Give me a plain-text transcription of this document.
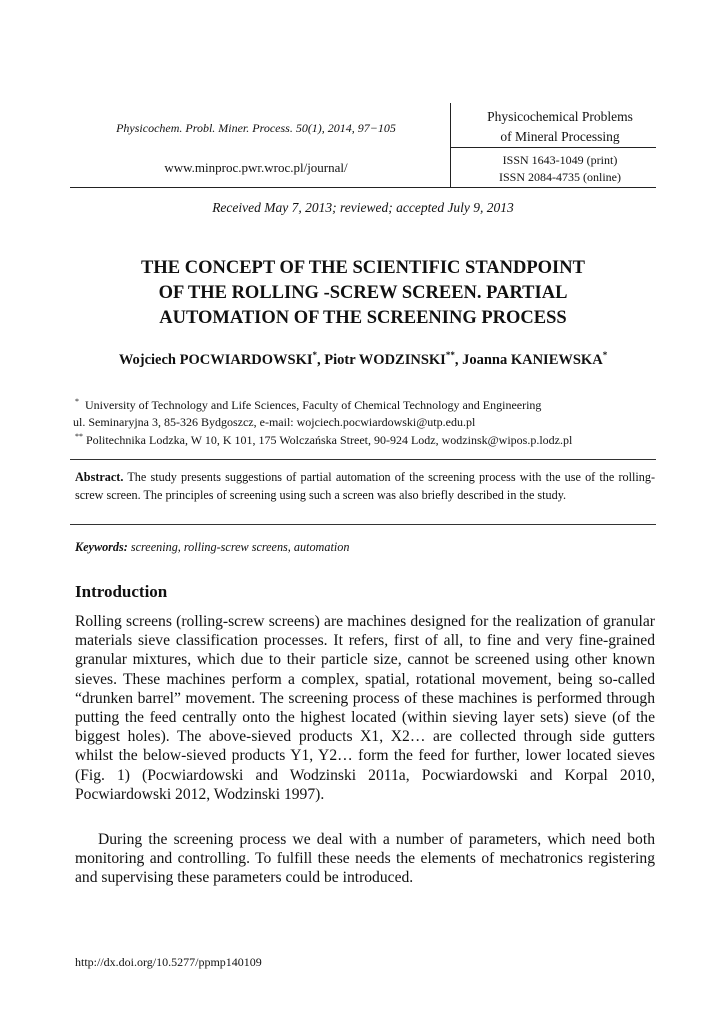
Physicochem. Probl. Miner. Process. 50(1), 2014, 97−105
www.minproc.pwr.wroc.pl/journal/
Physicochemical Problems
of Mineral Processing
ISSN 1643-1049 (print)
ISSN 2084-4735 (online)
Received May 7, 2013; reviewed; accepted July 9, 2013
THE CONCEPT OF THE SCIENTIFIC STANDPOINT
OF THE ROLLING -SCREW SCREEN. PARTIAL
AUTOMATION OF THE SCREENING PROCESS
Wojciech POCWIARDOWSKI*, Piotr WODZINSKI**, Joanna KANIEWSKA*
* University of Technology and Life Sciences, Faculty of Chemical Technology and Engineering
ul. Seminaryjna 3, 85-326 Bydgoszcz, e-mail: wojciech.pocwiardowski@utp.edu.pl
** Politechnika Lodzka, W 10, K 101, 175 Wolczańska Street, 90-924 Lodz, wodzinsk@wipos.p.lodz.pl
Abstract. The study presents suggestions of partial automation of the screening process with the use of the rolling-screw screen. The principles of screening using such a screen was also briefly described in the study.
Keywords: screening, rolling-screw screens, automation
Introduction
Rolling screens (rolling-screw screens) are machines designed for the realization of granular materials sieve classification processes. It refers, first of all, to fine and very fine-grained granular mixtures, which due to their particle size, cannot be screened using other known sieves. These machines perform a complex, spatial, rotational movement, being so-called “drunken barrel” movement. The screening process of these machines is performed through putting the feed centrally onto the highest located (within sieving layer sets) sieve (of the biggest holes). The above-sieved products X1, X2… are collected through side gutters whilst the below-sieved products Y1, Y2… form the feed for further, lower located sieves (Fig. 1) (Pocwiardowski and Wodzinski 2011a, Pocwiardowski and Korpal 2010, Pocwiardowski 2012, Wodzinski 1997).
During the screening process we deal with a number of parameters, which need both monitoring and controlling. To fulfill these needs the elements of mechatronics registering and supervising these parameters could be introduced.
http://dx.doi.org/10.5277/ppmp140109
